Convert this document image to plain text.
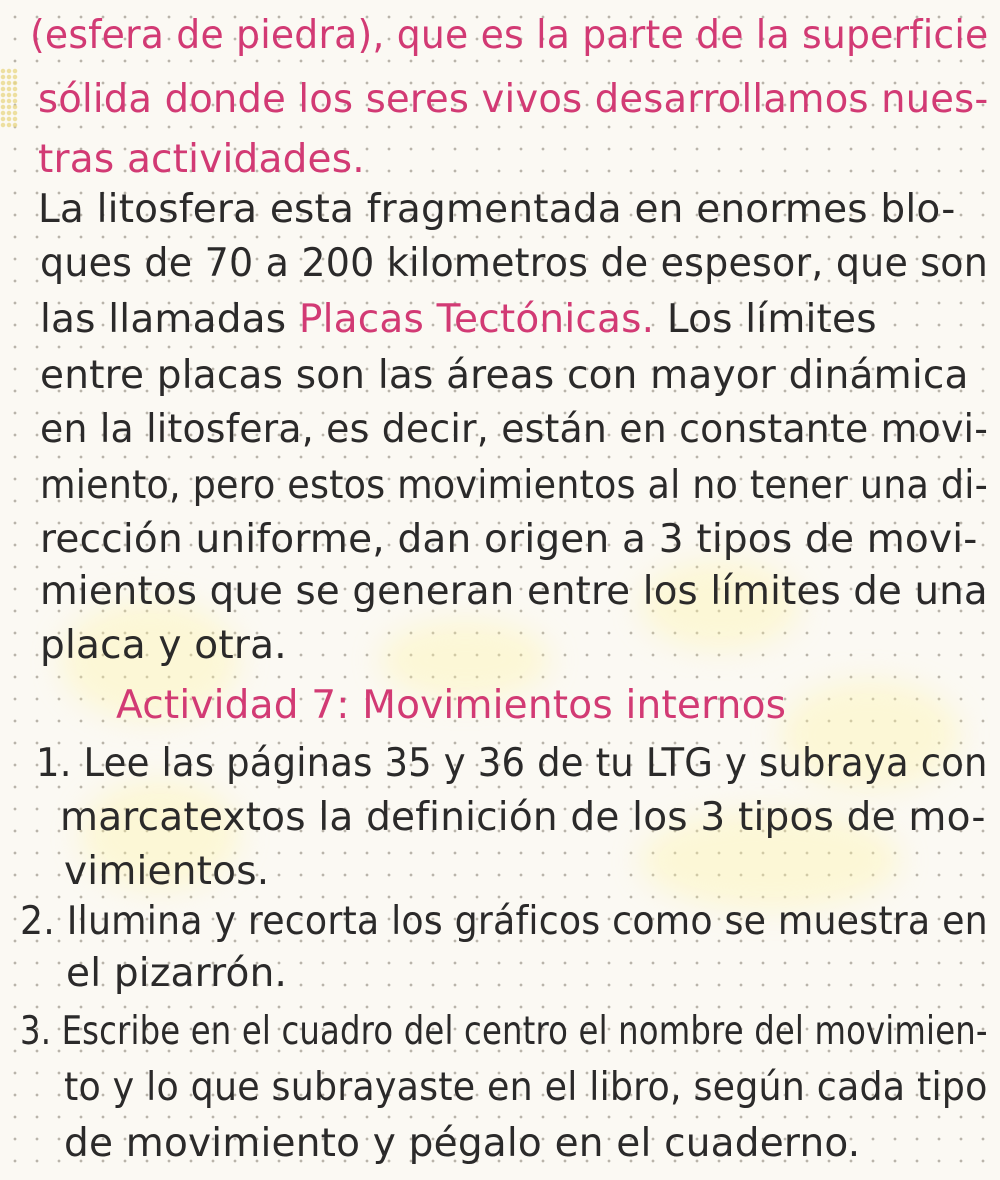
(esfera de piedra), que es la parte de la superficie
sólida donde los seres vivos desarrollamos nues-
tras actividades.
La litosfera esta fragmentada en enormes blo-
ques de 70 a 200 kilometros de espesor, que son
las llamadas Placas Tectónicas. Los límites
entre placas son las áreas con mayor dinámica
en la litosfera, es decir, están en constante movi-
miento, pero estos movimientos al no tener una di-
rección uniforme, dan origen a 3 tipos de movi-
mientos que se generan entre los límites de una
placa y otra.
Actividad 7: Movimientos internos
1. Lee las páginas 35 y 36 de tu LTG y subraya con
marcatextos la definición de los 3 tipos de mo-
vimientos.
2. Ilumina y recorta los gráficos como se muestra en
el pizarrón.
3. Escribe en el cuadro del centro el nombre del movimien-
to y lo que subrayaste en el libro, según cada tipo
de movimiento y pégalo en el cuaderno.
